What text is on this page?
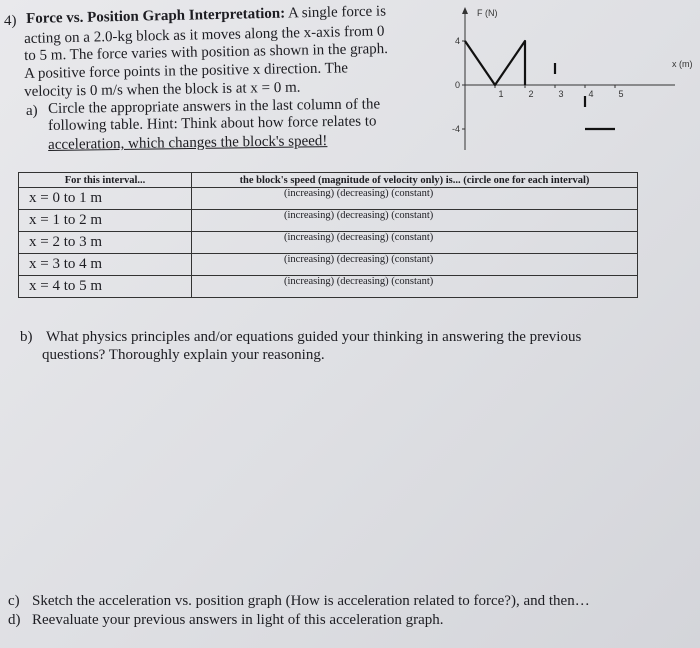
4) Force vs. Position Graph Interpretation: A single force is
acting on a 2.0-kg block as it moves along the x-axis from 0
to 5 m. The force varies with position as shown in the graph.
A positive force points in the positive x direction. The
velocity is 0 m/s when the block is at x = 0 m.
a) Circle the appropriate answers in the last column of the
following table. Hint: Think about how force relates to
acceleration, which changes the block's speed!
F (N)
x (m)
4
0
-4
1	2	3	4	5
For this interval...	the block's speed (magnitude of velocity only) is... (circle one for each interval)
x = 0 to 1 m	(increasing) (decreasing) (constant)
x = 1 to 2 m	(increasing) (decreasing) (constant)
x = 2 to 3 m	(increasing) (decreasing) (constant)
x = 3 to 4 m	(increasing) (decreasing) (constant)
x = 4 to 5 m	(increasing) (decreasing) (constant)
b) What physics principles and/or equations guided your thinking in answering the previous
questions? Thoroughly explain your reasoning.
c) Sketch the acceleration vs. position graph (How is acceleration related to force?), and then…
d) Reevaluate your previous answers in light of this acceleration graph.
